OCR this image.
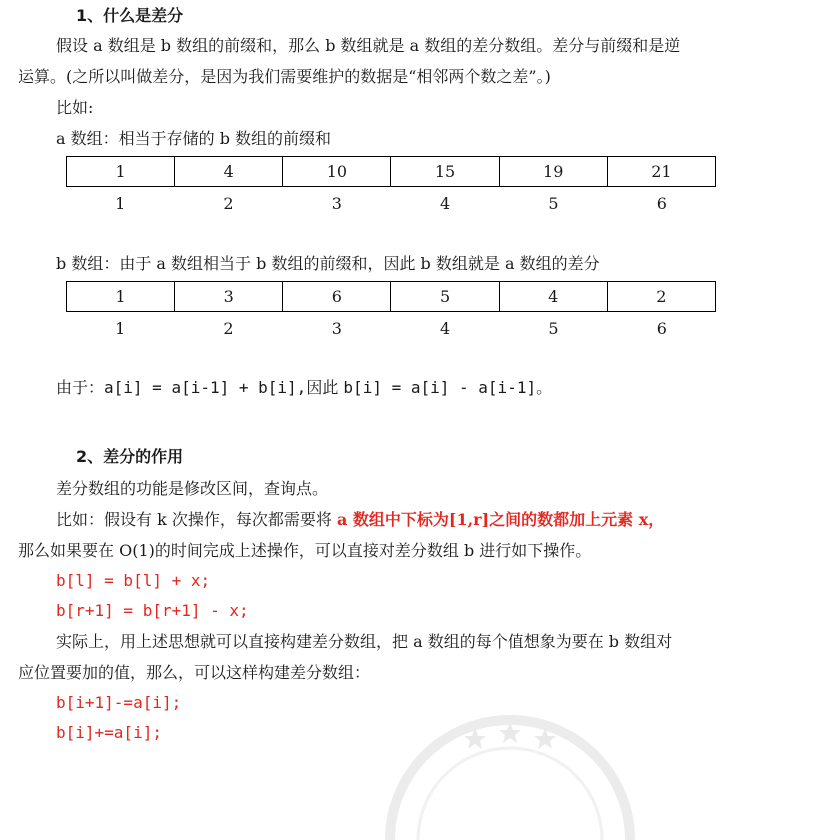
1、什么是差分
假设 a 数组是 b 数组的前缀和，那么 b 数组就是 a 数组的差分数组。差分与前缀和是逆
运算。(之所以叫做差分，是因为我们需要维护的数据是“相邻两个数之差”。)
比如:
a 数组：相当于存储的 b 数组的前缀和
1	4	10	15	19	21
1	2	3	4	5	6
b 数组：由于 a 数组相当于 b 数组的前缀和，因此 b 数组就是 a 数组的差分
1	3	6	5	4	2
1	2	3	4	5	6
由于：a[i] = a[i-1] + b[i],因此 b[i] = a[i] - a[i-1]。
2、差分的作用
差分数组的功能是修改区间，查询点。
比如：假设有 k 次操作，每次都需要将 a 数组中下标为[1,r]之间的数都加上元素 x，
那么如果要在 O(1)的时间完成上述操作，可以直接对差分数组 b 进行如下操作。
b[l] = b[l] + x;
b[r+1] = b[r+1] - x;
实际上，用上述思想就可以直接构建差分数组，把 a 数组的每个值想象为要在 b 数组对
应位置要加的值，那么，可以这样构建差分数组：
b[i+1]-=a[i];
b[i]+=a[i];
